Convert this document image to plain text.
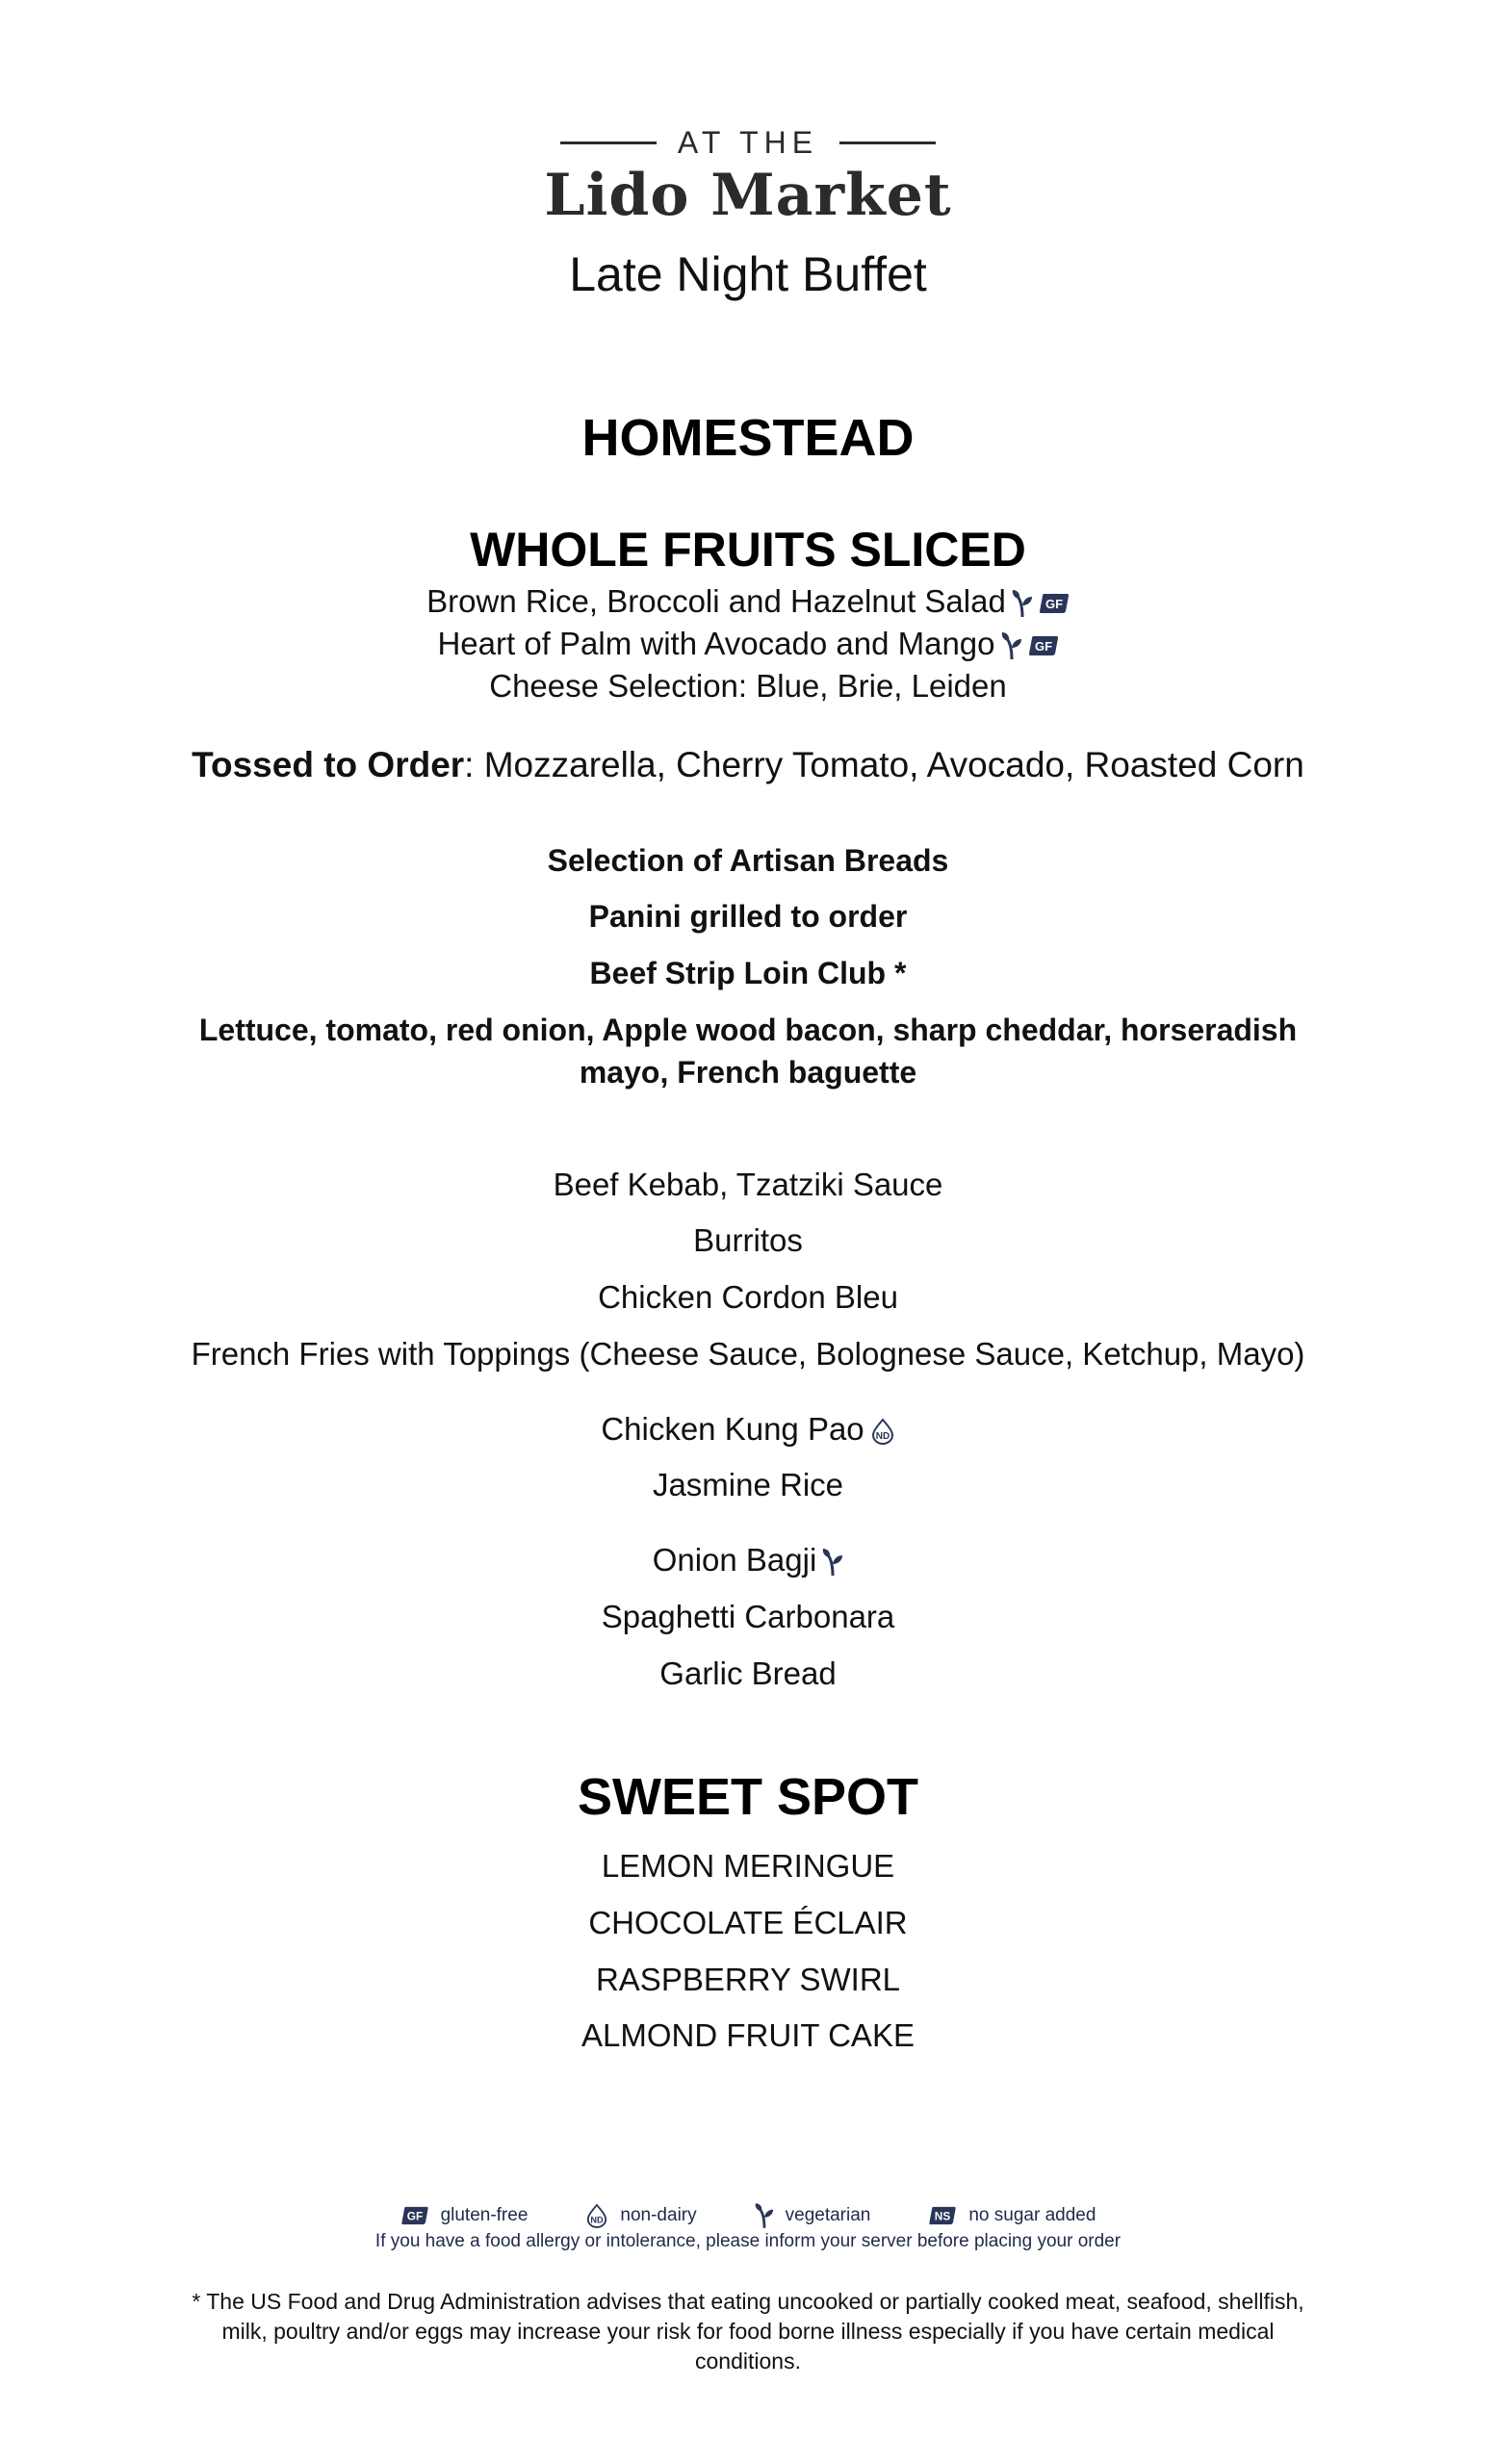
AT THE
Lido Market
Late Night Buffet
HOMESTEAD
WHOLE FRUITS SLICED
Brown Rice, Broccoli and Hazelnut Salad	GF
Heart of Palm with Avocado and Mango	GF
Cheese Selection: Blue, Brie, Leiden
Tossed to Order: Mozzarella, Cherry Tomato, Avocado, Roasted Corn
Selection of Artisan Breads
Panini grilled to order
Beef Strip Loin Club *
Lettuce, tomato, red onion, Apple wood bacon, sharp cheddar, horseradish
mayo, French baguette
Beef Kebab, Tzatziki Sauce
Burritos
Chicken Cordon Bleu
French Fries with Toppings (Cheese Sauce, Bolognese Sauce, Ketchup, Mayo)
Chicken Kung Pao ND
Jasmine Rice
Onion Bagji
Spaghetti Carbonara
Garlic Bread
SWEET SPOT
LEMON MERINGUE
CHOCOLATE ÉCLAIR
RASPBERRY SWIRL
ALMOND FRUIT CAKE
GF gluten-free	ND non-dairy	vegetarian	NS no sugar added
If you have a food allergy or intolerance, please inform your server before placing your order
* The US Food and Drug Administration advises that eating uncooked or partially cooked meat, seafood, shellfish, milk, poultry and/or eggs may increase your risk for food borne illness especially if you have certain medical conditions.
